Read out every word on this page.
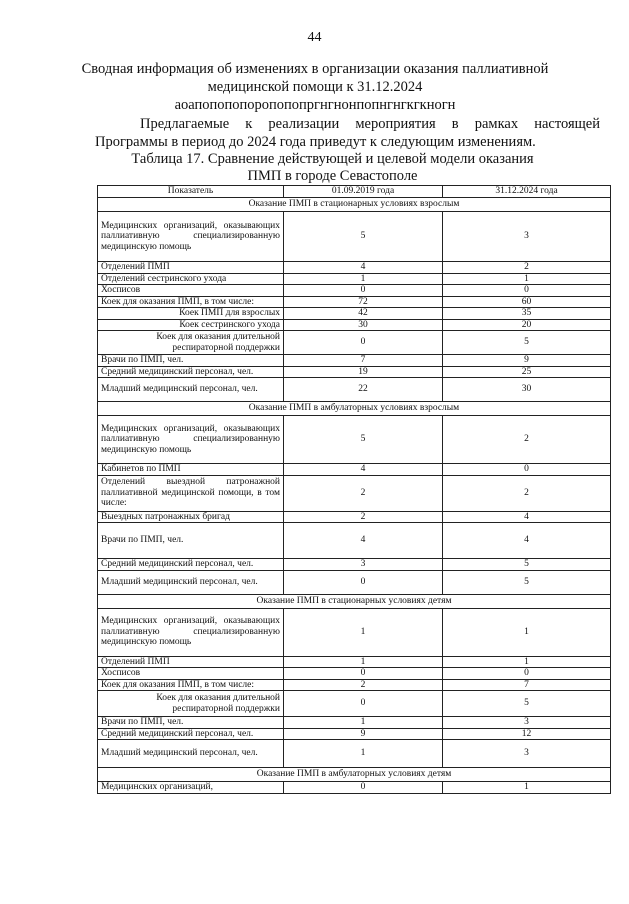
44
Сводная информация об изменениях в организации оказания паллиативной
медицинской помощи к 31.12.2024
аоапопопопоропопопргнгнонпопнгнгкгкногн
Предлагаемые к реализации мероприятия в рамках настоящей Программы в период до 2024 года приведут к следующим изменениям.
Таблица 17. Сравнение действующей и целевой модели оказания
ПМП в городе Севастополе
Показатель	01.09.2019 года	31.12.2024 года
Оказание ПМП в стационарных условиях взрослым		
Медицинских организаций, оказывающих паллиативную специализированную медицинскую помощь	5	3
Отделений ПМП	4	2
Отделений сестринского ухода	1	1
Хосписов	0	0
Коек для оказания ПМП, в том числе:	72	60
Коек ПМП для взрослых	42	35
Коек сестринского ухода	30	20
Коек для оказания длительной респираторной поддержки	0	5
Врачи по ПМП, чел.	7	9
Средний медицинский персонал, чел.	19	25
Младший медицинский персонал, чел.	22	30
Оказание ПМП в амбулаторных условиях взрослым		
Медицинских организаций, оказывающих паллиативную специализированную медицинскую помощь	5	2
Кабинетов по ПМП	4	0
Отделений выездной патронажной паллиативной медицинской помощи, в том числе:	2	2
Выездных патронажных бригад	2	4
Врачи по ПМП, чел.	4	4
Средний медицинский персонал, чел.	3	5
Младший медицинский персонал, чел.	0	5
Оказание ПМП в стационарных условиях детям		
Медицинских организаций, оказывающих паллиативную специализированную медицинскую помощь	1	1
Отделений ПМП	1	1
Хосписов	0	0
Коек для оказания ПМП, в том числе:	2	7
Коек для оказания длительной респираторной поддержки	0	5
Врачи по ПМП, чел.	1	3
Средний медицинский персонал, чел.	9	12
Младший медицинский персонал, чел.	1	3
Оказание ПМП в амбулаторных условиях детям		
Медицинских организаций,	0	1
